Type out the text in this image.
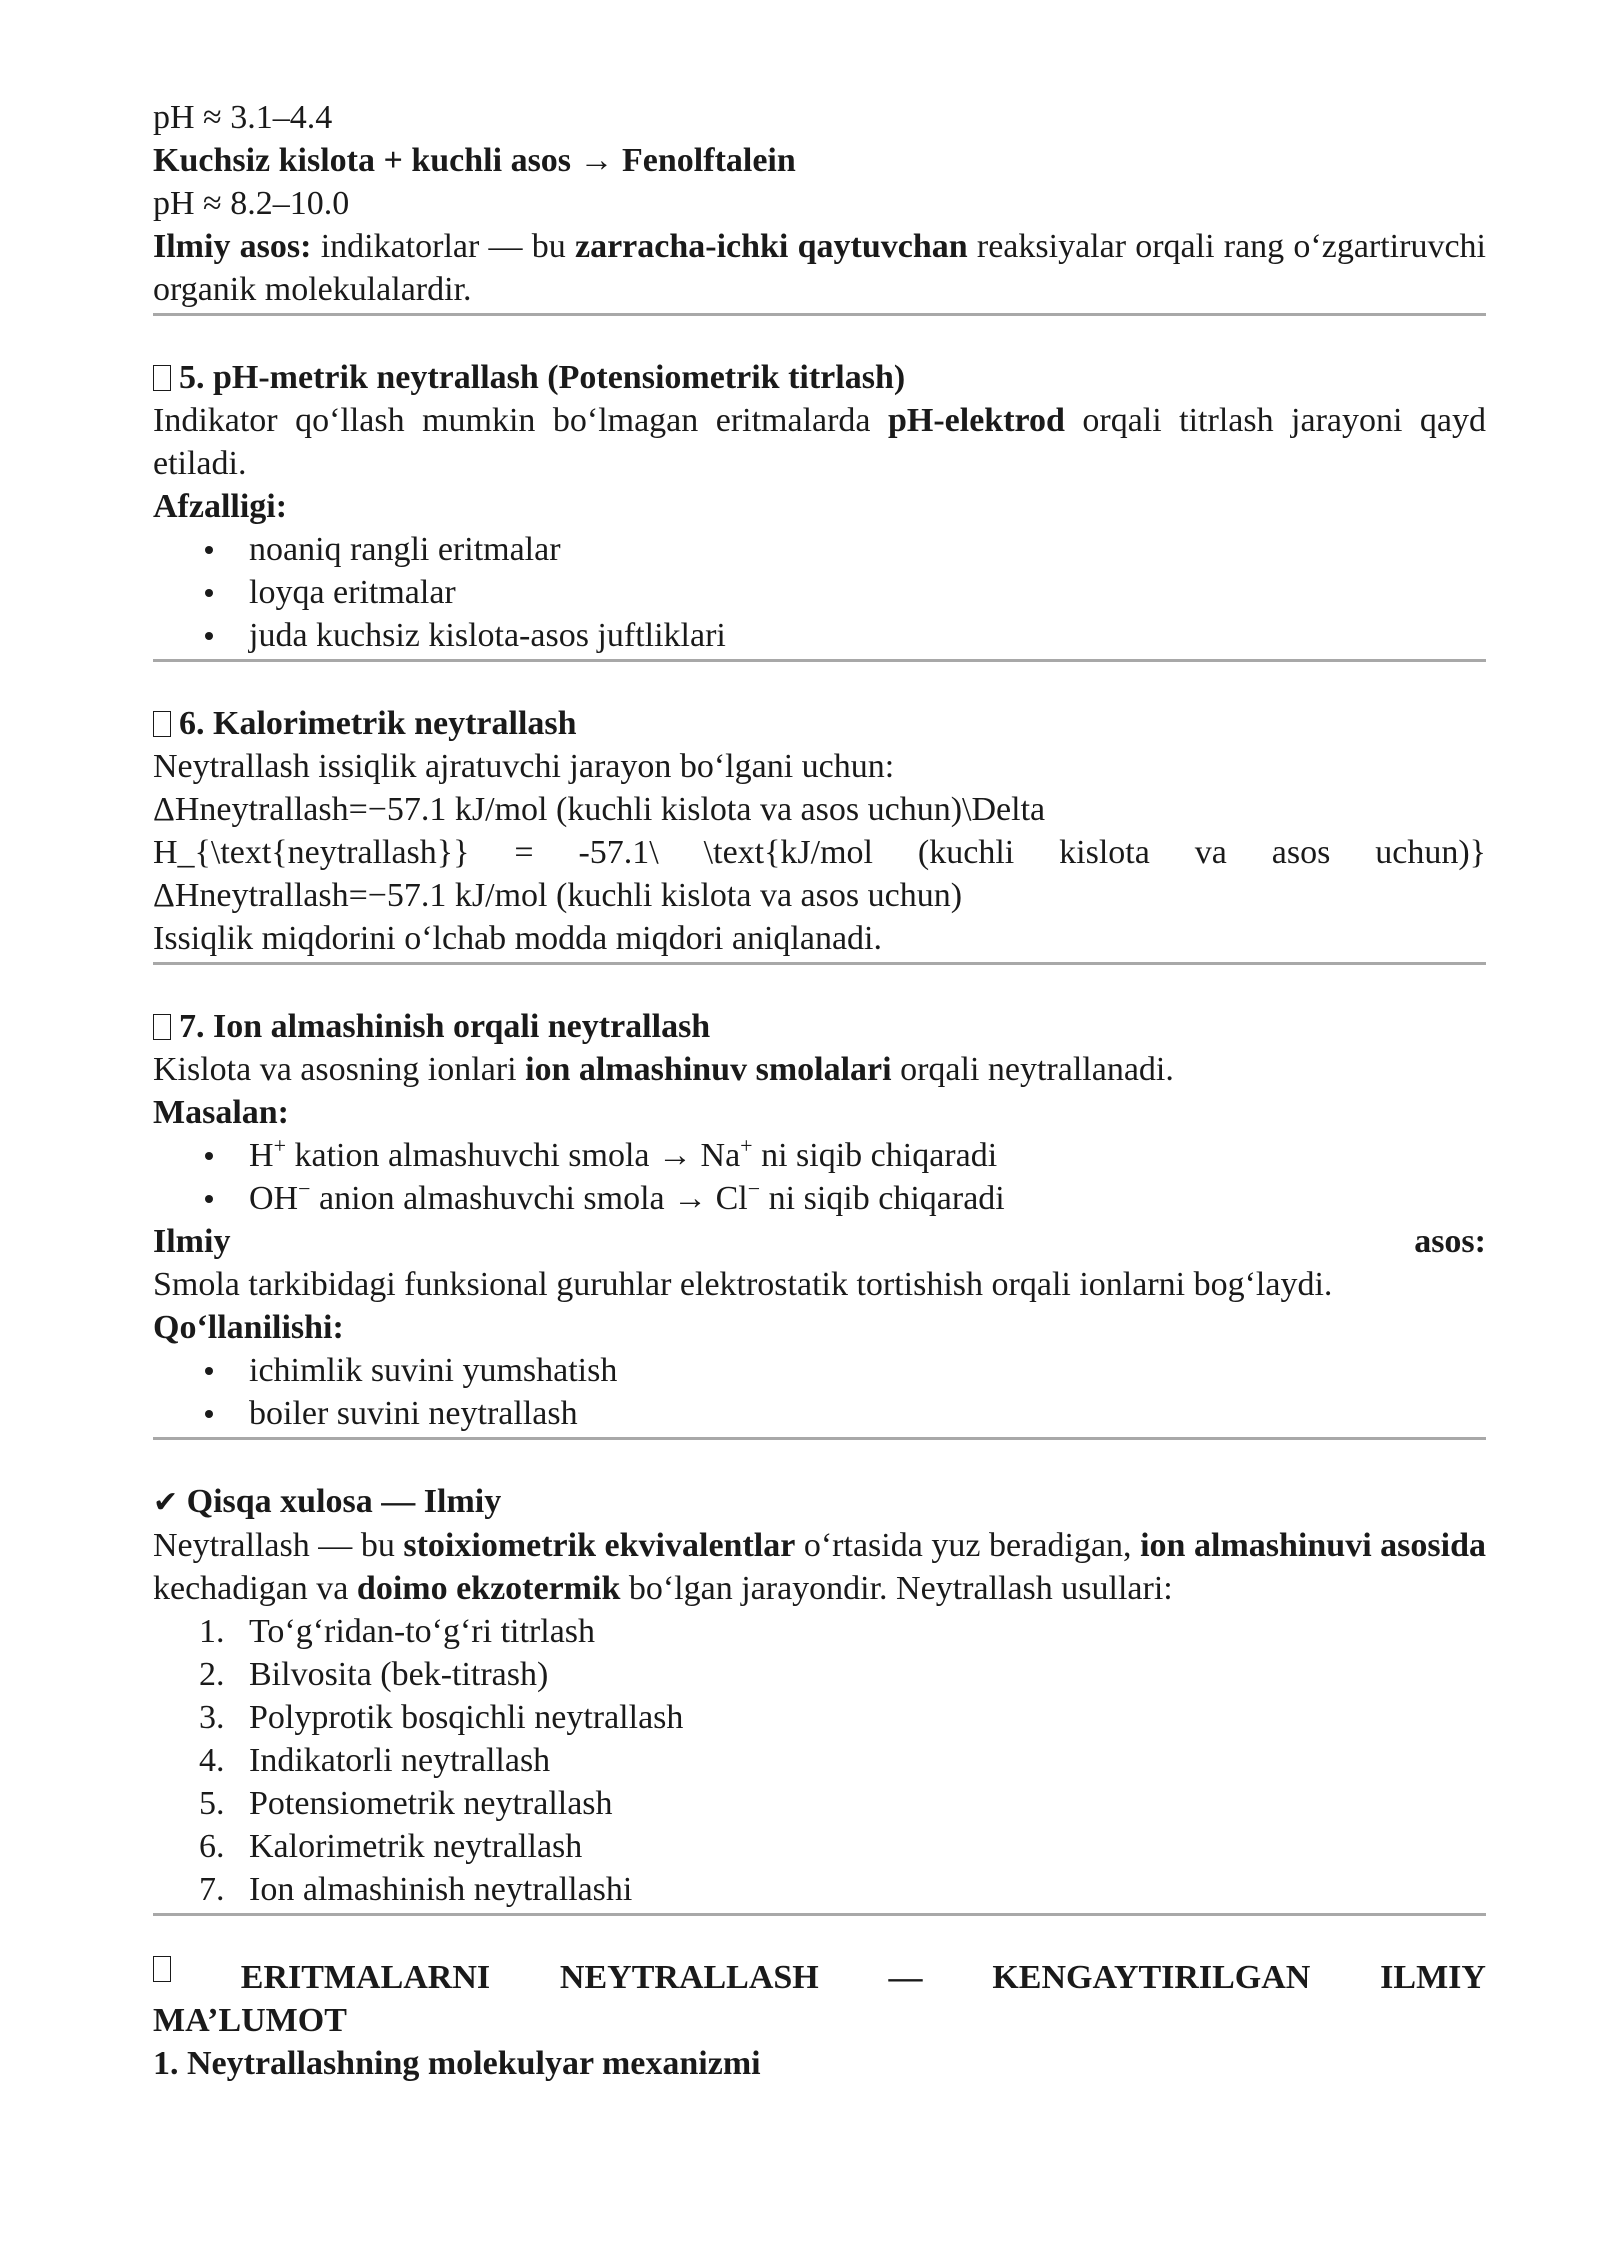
pH ≈ 3.1–4.4

Kuchsiz kislota + kuchli asos → Fenolftalein

pH ≈ 8.2–10.0

Ilmiy asos: indikatorlar — bu zarracha-ichki qaytuvchan reaksiyalar orqali rang o‘zgartiruvchi organik molekulalardir.

5. pH-metrik neytrallash (Potensiometrik titrlash)

Indikator qo‘llash mumkin bo‘lmagan eritmalarda pH-elektrod orqali titrlash jarayoni qayd etiladi.

Afzalligi:

noaniq rangli eritmalar
loyqa eritmalar
juda kuchsiz kislota-asos juftliklari

6. Kalorimetrik neytrallash

Neytrallash issiqlik ajratuvchi jarayon bo‘lgani uchun:

ΔHneytrallash=−57.1 kJ/mol (kuchli kislota va asos uchun)\Delta

H_{\text{neytrallash}} = -57.1\ \text{kJ/mol (kuchli kislota va asos uchun)}

ΔHneytrallash=−57.1 kJ/mol (kuchli kislota va asos uchun)

Issiqlik miqdorini o‘lchab modda miqdori aniqlanadi.

7. Ion almashinish orqali neytrallash

Kislota va asosning ionlari ion almashinuv smolalari orqali neytrallanadi.

Masalan:

H+ kation almashuvchi smola → Na+ ni siqib chiqaradi
OH− anion almashuvchi smola → Cl− ni siqib chiqaradi

Ilmiy	asos:

Smola tarkibidagi funksional guruhlar elektrostatik tortishish orqali ionlarni bog‘laydi.

Qo‘llanilishi:

ichimlik suvini yumshatish
boiler suvini neytrallash

✔ Qisqa xulosa — Ilmiy

Neytrallash — bu stoixiometrik ekvivalentlar o‘rtasida yuz beradigan, ion almashinuvi asosida kechadigan va doimo ekzotermik bo‘lgan jarayondir. Neytrallash usullari:

1. To‘g‘ridan-to‘g‘ri titrlash
2. Bilvosita (bek-titrash)
3. Polyprotik bosqichli neytrallash
4. Indikatorli neytrallash
5. Potensiometrik neytrallash
6. Kalorimetrik neytrallash
7. Ion almashinish neytrallashi

ERITMALARNI NEYTRALLASH — KENGAYTIRILGAN ILMIY

MA’LUMOT

1. Neytrallashning molekulyar mexanizmi
